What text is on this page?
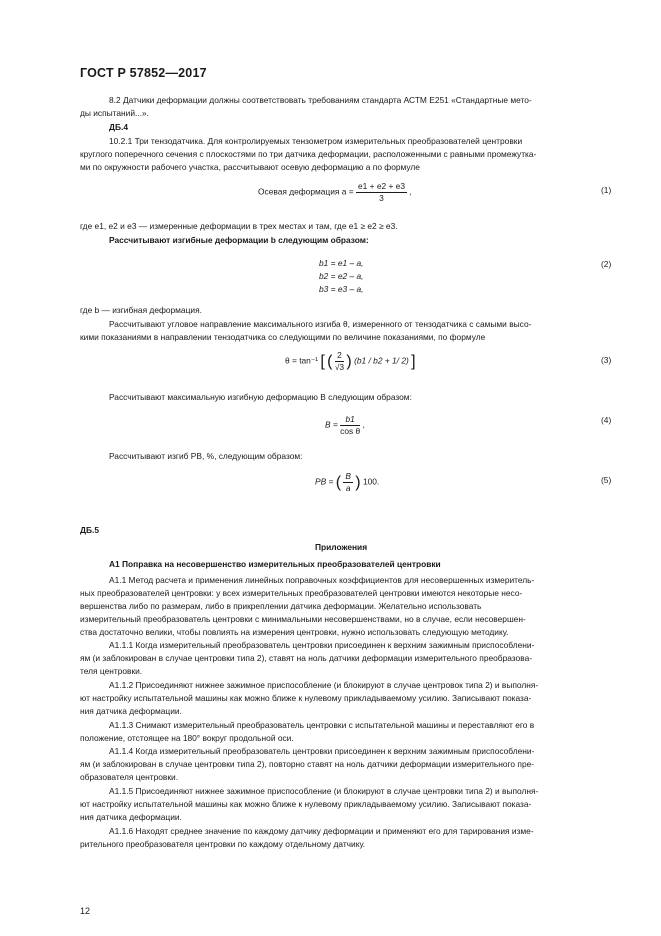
ГОСТ Р 57852—2017
8.2 Датчики деформации должны соответствовать требованиям стандарта АСТМ Е251 «Стандартные мето-
ды испытаний...».
ДБ.4
10.2.1 Три тензодатчика. Для контролируемых тензометром измерительных преобразователей центровки
круглого поперечного сечения с плоскостями по три датчика деформации, расположенными с равными промежутка-
ми по окружности рабочего участка, рассчитывают осевую деформацию a по формуле
Осевая деформация $a = \frac{e1 + e2 + e3}{3}$ ,	(1)
где e1, e2 и e3 — измеренные деформации в трех местах и там, где e1 ≥ e2 ≥ e3.
Рассчитывают изгибные деформации b следующим образом:
b1 = e1 – a,
b2 = e2 – a,
b3 = e3 – a,
(2)
где b — изгибная деформация.
Рассчитывают угловое направление максимального изгиба θ, измеренного от тензодатчика с самыми высо-
кими показаниями в направлении тензодатчика со следующими по величине показаниями, по формуле
θ = tan⁻¹ [ ( $\frac{2}{√3}$ ) (b1 / b2 + 1/ 2) ]	(3)
Рассчитывают максимальную изгибную деформацию B следующим образом:
$B = \frac{b1}{\text{cos θ}}$ ,	(4)
Рассчитывают изгиб PB, %, следующим образом:
PB = ( $\frac{B}{a}$ ) 100.	(5)
ДБ.5
Приложения
А1 Поправка на несовершенство измерительных преобразователей центровки
А1.1 Метод расчета и применения линейных поправочных коэффициентов для несовершенных измеритель-
ных преобразователей центровки: у всех измерительных преобразователей центровки имеются некоторые несо-
вершенства либо по размерам, либо в прикреплении датчика деформации. Желательно использовать
измерительный преобразователь центровки с минимальными несовершенствами, но в случае, если несовершен-
ства достаточно велики, чтобы повлиять на измерения центровки, нужно использовать следующую методику.
А1.1.1 Когда измерительный преобразователь центровки присоединен к верхним зажимным приспособлени-
ям (и заблокирован в случае центровки типа 2), ставят на ноль датчики деформации измерительного преобразова-
теля центровки.
А1.1.2 Присоединяют нижнее зажимное приспособление (и блокируют в случае центровок типа 2) и выполня-
ют настройку испытательной машины как можно ближе к нулевому прикладываемому усилию. Записывают показа-
ния датчика деформации.
А1.1.3 Снимают измерительный преобразователь центровки с испытательной машины и переставляют его в
положение, отстоящее на 180° вокруг продольной оси.
А1.1.4 Когда измерительный преобразователь центровки присоединен к верхним зажимным приспособлени-
ям (и заблокирован в случае центровки типа 2), повторно ставят на ноль датчики деформации измерительного пре-
образователя центровки.
А1.1.5 Присоединяют нижнее зажимное приспособление (и блокируют в случае центровки типа 2) и выполня-
ют настройку испытательной машины как можно ближе к нулевому прикладываемому усилию. Записывают показа-
ния датчика деформации.
А1.1.6 Находят среднее значение по каждому датчику деформации и применяют его для тарирования изме-
рительного преобразователя центровки по каждому отдельному датчику.
12
